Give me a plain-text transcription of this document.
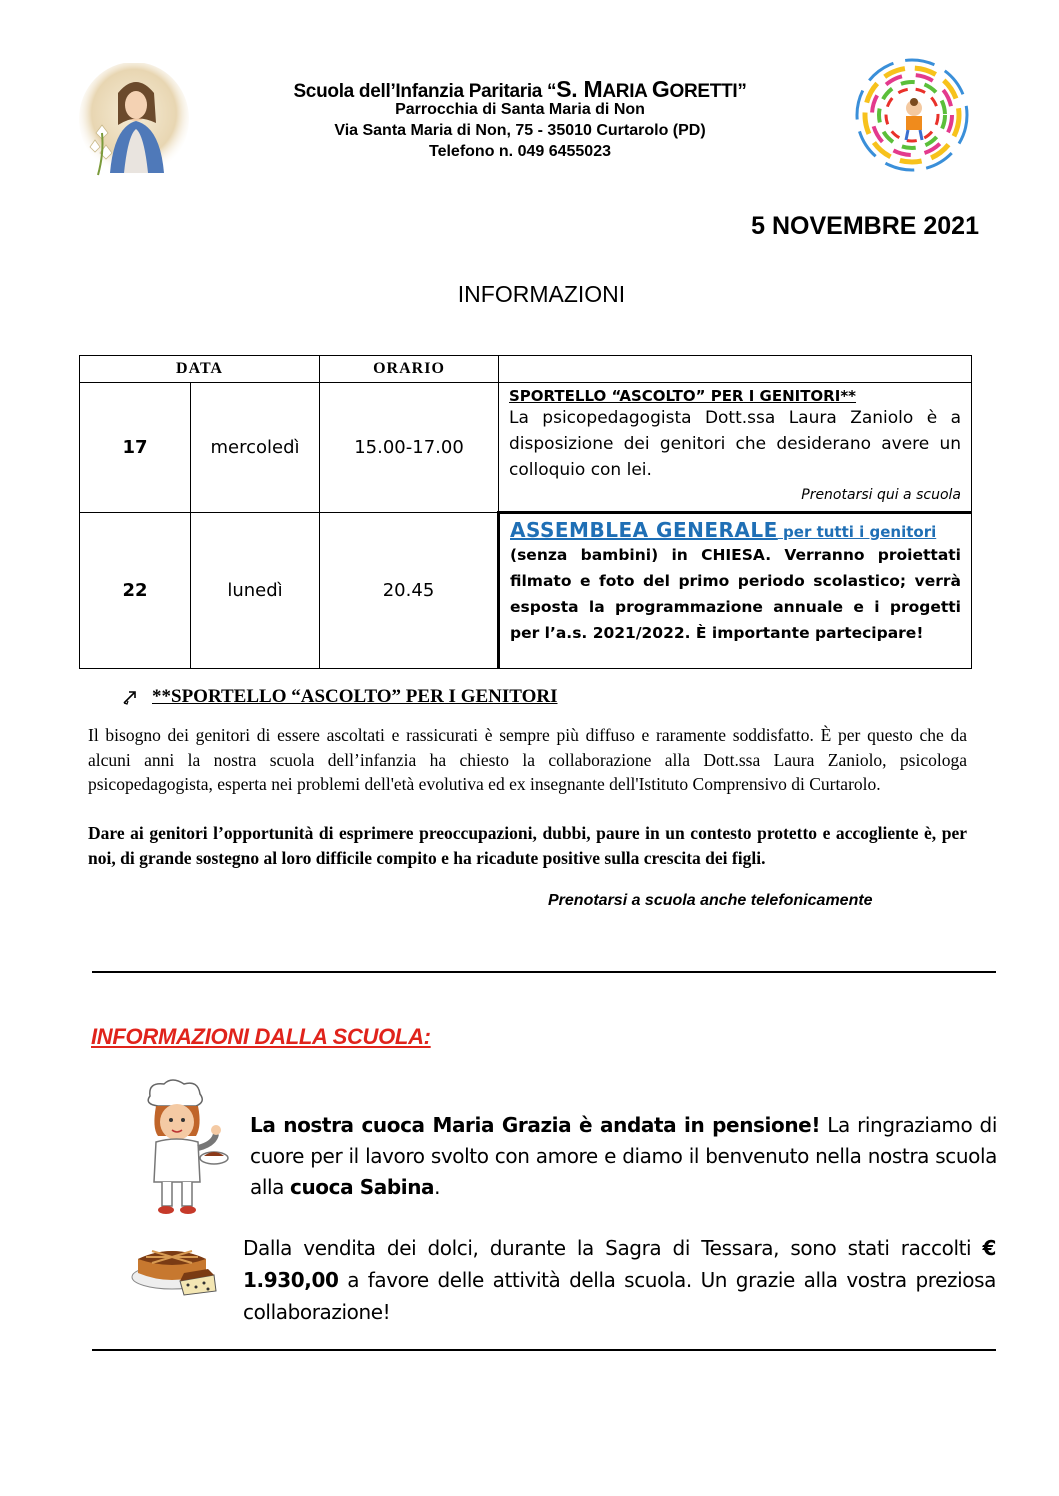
Scuola dell’Infanzia Paritaria “S. MARIA GORETTI”
Parrocchia di Santa Maria di Non
Via Santa Maria di Non, 75 - 35010 Curtarolo (PD)
Telefono n. 049 6455023
5 NOVEMBRE 2021
INFORMAZIONI
DATA		ORARIO	
17	mercoledì	15.00-17.00	SPORTELLO “ASCOLTO” PER I GENITORI**
La psicopedagogista Dott.ssa Laura Zaniolo è a disposizione dei genitori che desiderano avere un colloquio con lei.
Prenotarsi qui a scuola

22	lunedì	20.45	ASSEMBLEA GENERALE per tutti i genitori
(senza bambini) in CHIESA. Verranno proiettati filmato e foto del primo periodo scolastico; verrà esposta la programmazione annuale e i progetti per l’a.s. 2021/2022. È importante partecipare!
**SPORTELLO “ASCOLTO” PER I GENITORI
Il bisogno dei genitori di essere ascoltati e rassicurati è sempre più diffuso e raramente soddisfatto. È per questo che da alcuni anni la nostra scuola dell’infanzia ha chiesto la collaborazione alla Dott.ssa Laura Zaniolo, psicologa psicopedagogista, esperta nei problemi dell'età evolutiva ed ex insegnante dell'Istituto Comprensivo di Curtarolo.
Dare ai genitori l’opportunità di esprimere preoccupazioni, dubbi, paure in un contesto protetto e accogliente è, per noi, di grande sostegno al loro difficile compito e ha ricadute positive sulla crescita dei figli.
Prenotarsi a scuola anche telefonicamente
INFORMAZIONI DALLA SCUOLA:
La nostra cuoca Maria Grazia è andata in pensione! La ringraziamo di cuore per il lavoro svolto con amore e diamo il benvenuto nella nostra scuola alla cuoca Sabina.
Dalla vendita dei dolci, durante la Sagra di Tessara, sono stati raccolti € 1.930,00 a favore delle attività della scuola. Un grazie alla vostra preziosa collaborazione!
